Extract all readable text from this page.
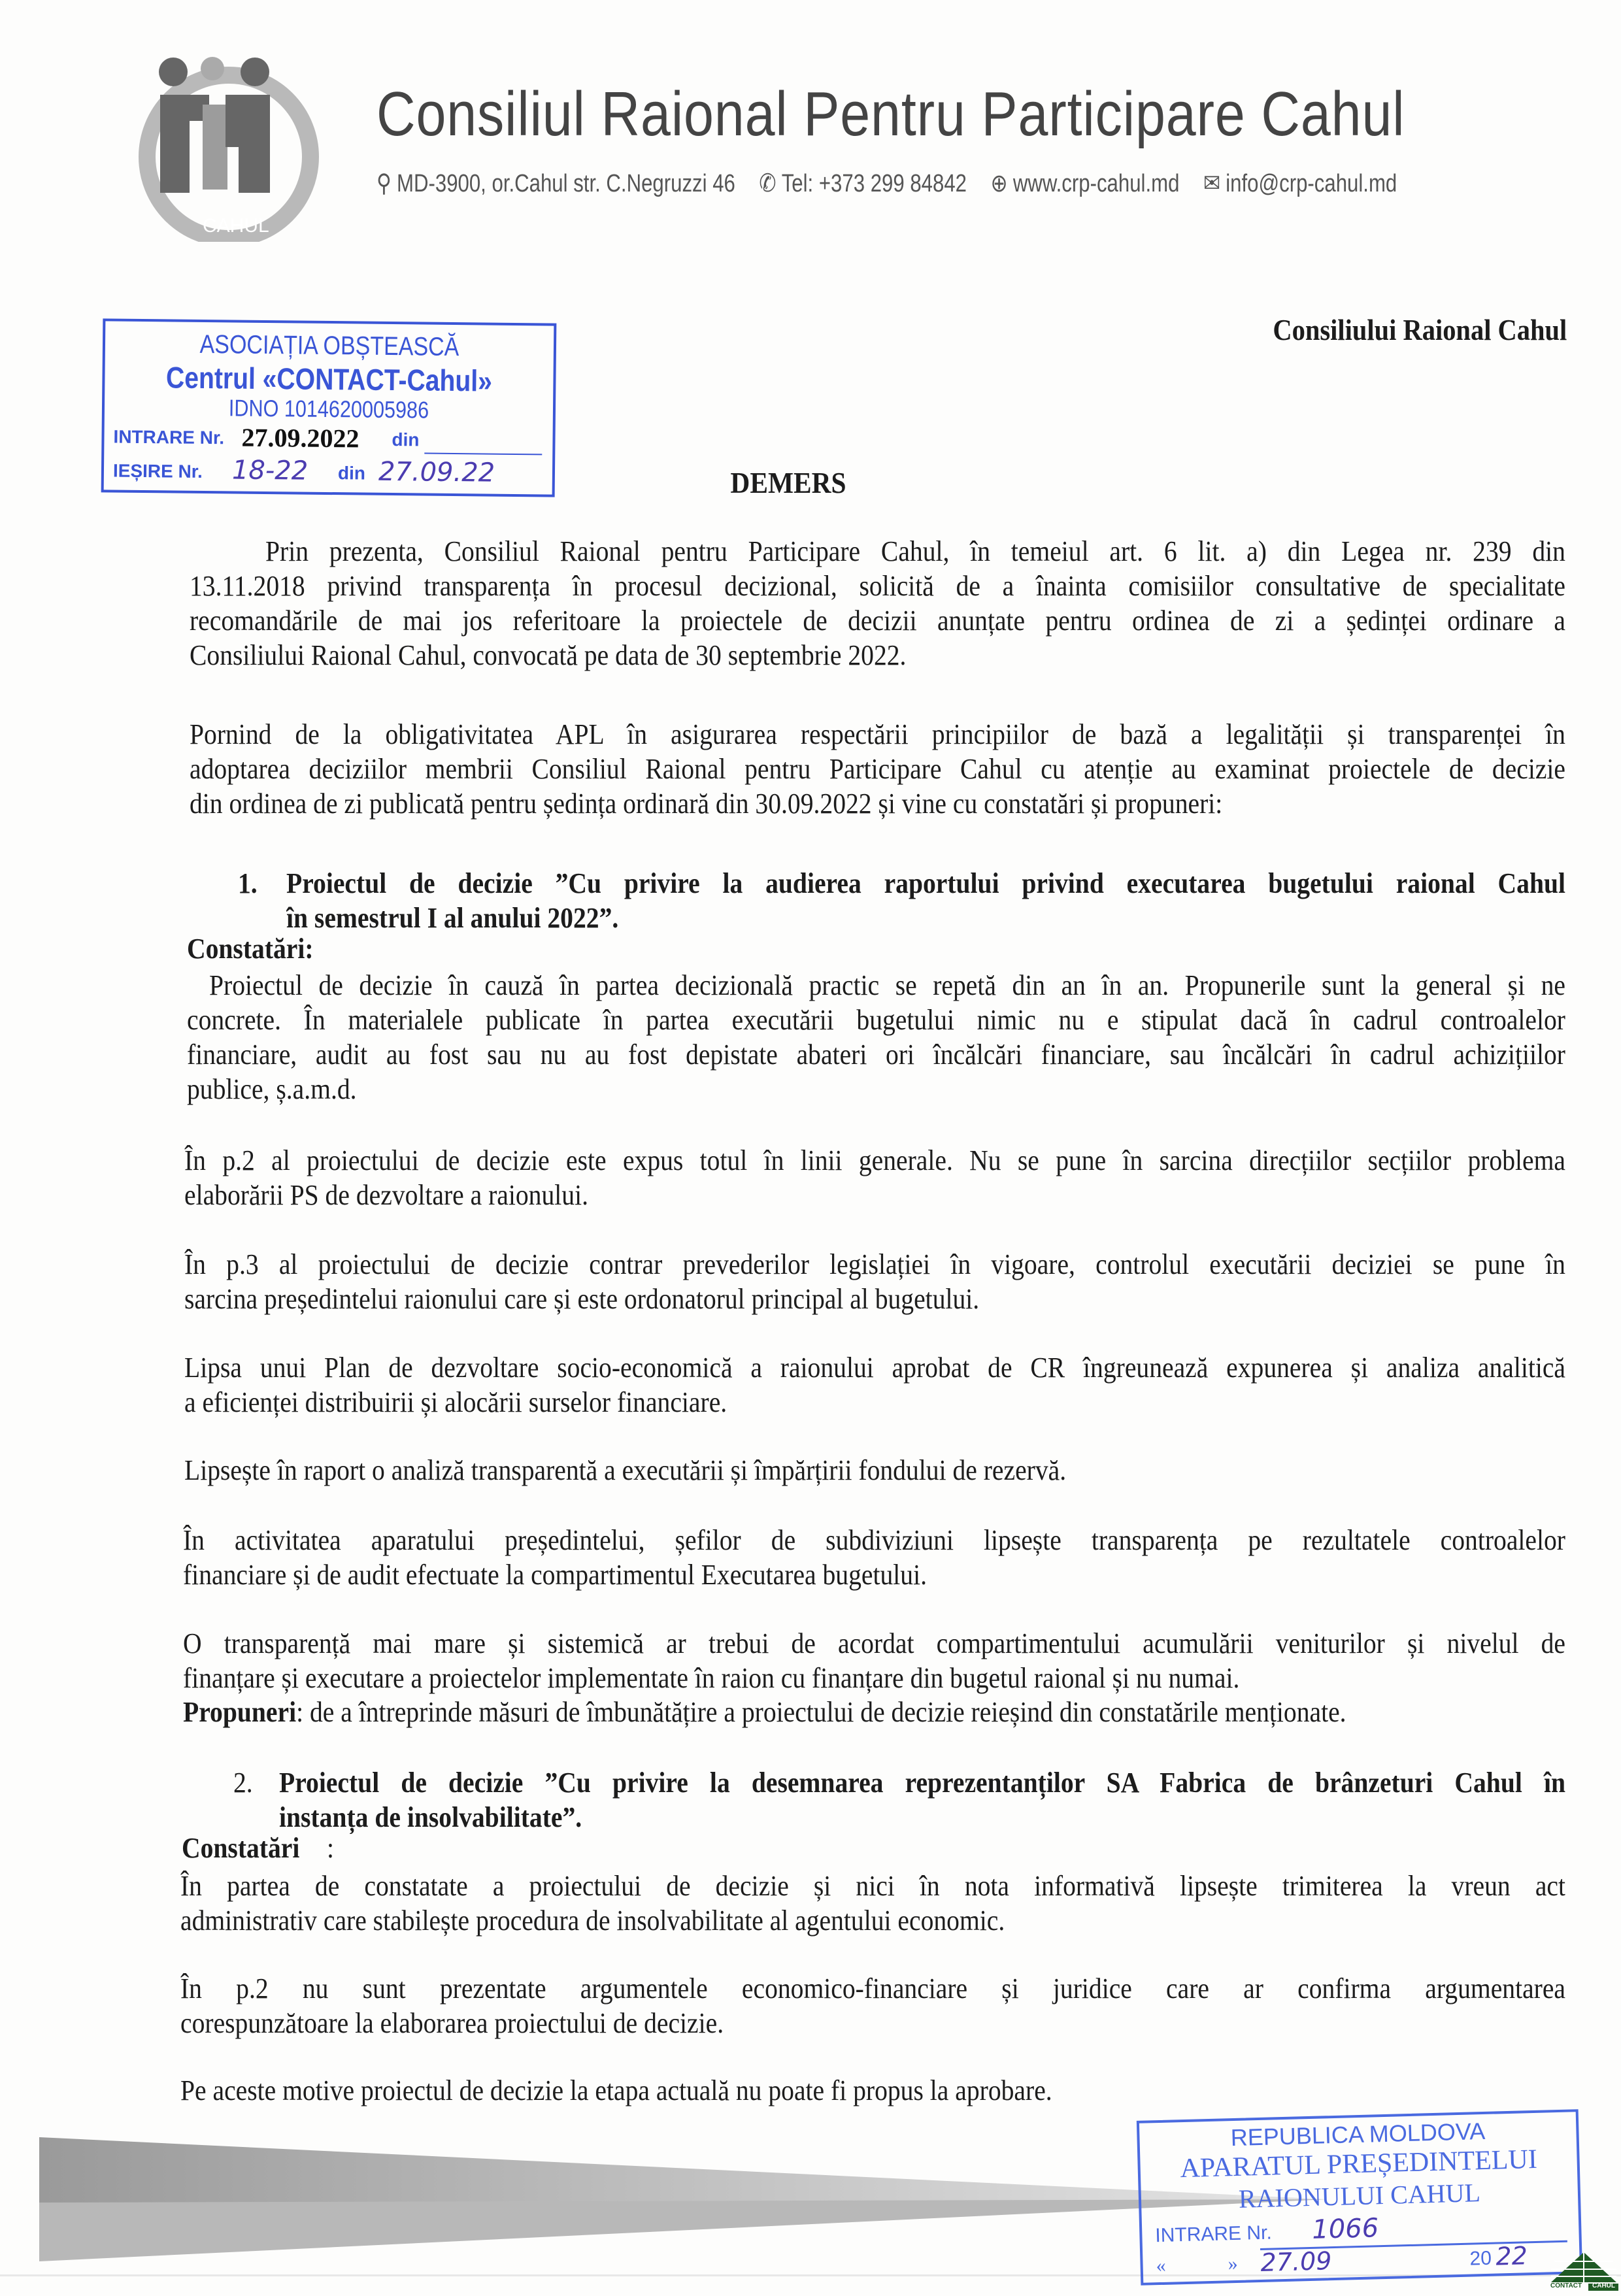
CAHUL
Consiliul Raional Pentru Participare Cahul
⚲ MD-3900, or.Cahul str. C.Negruzzi 46 ✆ Tel: +373 299 84842 ⊕ www.crp-cahul.md ✉ info@crp-cahul.md
ASOCIAȚIA OBȘTEASCĂ
Centrul «CONTACT-Cahul»
IDNO 1014620005986
INTRARE Nr. 27.09.2022 din
IEȘIRE Nr. 18-22 din 27.09.22
Consiliului Raional Cahul
DEMERS
Prin prezenta, Consiliul Raional pentru Participare Cahul, în temeiul art. 6 lit. a) din Legea nr. 239 din
13.11.2018 privind transparența în procesul decizional, solicită de a înainta comisiilor consultative de specialitate
recomandările de mai jos referitoare la proiectele de decizii anunțate pentru ordinea de zi a ședinței ordinare a
Consiliului Raional Cahul, convocată pe data de 30 septembrie 2022.
Pornind de la obligativitatea APL în asigurarea respectării principiilor de bază a legalității și transparenței în
adoptarea deciziilor membrii Consiliul Raional pentru Participare Cahul cu atenție au examinat proiectele de decizie
din ordinea de zi publicată pentru ședința ordinară din 30.09.2022 și vine cu constatări și propuneri:
1. Proiectul de decizie ”Cu privire la audierea raportului privind executarea bugetului raional Cahul
în semestrul I al anului 2022”.
Constatări:
Proiectul de decizie în cauză în partea decizională practic se repetă din an în an. Propunerile sunt la general și ne
concrete. În materialele publicate în partea executării bugetului nimic nu e stipulat dacă în cadrul controalelor
financiare, audit au fost sau nu au fost depistate abateri ori încălcări financiare, sau încălcări în cadrul achizițiilor
publice, ș.a.m.d.
În p.2 al proiectului de decizie este expus totul în linii generale. Nu se pune în sarcina direcțiilor secțiilor problema
elaborării PS de dezvoltare a raionului.
În p.3 al proiectului de decizie contrar prevederilor legislației în vigoare, controlul executării deciziei se pune în
sarcina președintelui raionului care și este ordonatorul principal al bugetului.
Lipsa unui Plan de dezvoltare socio-economică a raionului aprobat de CR îngreunează expunerea și analiza analitică
a eficienței distribuirii și alocării surselor financiare.
Lipsește în raport o analiză transparentă a executării și împărțirii fondului de rezervă.
În activitatea aparatului președintelui, șefilor de subdiviziuni lipsește transparența pe rezultatele controalelor
financiare și de audit efectuate la compartimentul Executarea bugetului.
O transparență mai mare și sistemică ar trebui de acordat compartimentului acumulării veniturilor și nivelul de
finanțare și executare a proiectelor implementate în raion cu finanțare din bugetul raional și nu numai.
2. Proiectul de decizie ”Cu privire la desemnarea reprezentanților SA Fabrica de brânzeturi Cahul în
instanța de insolvabilitate”.
Constatări :
În partea de constatate a proiectului de decizie și nici în nota informativă lipsește trimiterea la vreun act
administrativ care stabilește procedura de insolvabilitate al agentului economic.
În p.2 nu sunt prezentate argumentele economico-financiare și juridice care ar confirma argumentarea
corespunzătoare la elaborarea proiectului de decizie.
Pe aceste motive proiectul de decizie la etapa actuală nu poate fi propus la aprobare.
Propuneri: de a întreprinde măsuri de îmbunătățire a proiectului de decizie reieșind din constatările menționate.
REPUBLICA MOLDOVA
APARATUL PREȘEDINTELUI
RAIONULUI CAHUL
INTRARE Nr. 1066
«	» 27.09	20 22
CONTACT CAHUL
